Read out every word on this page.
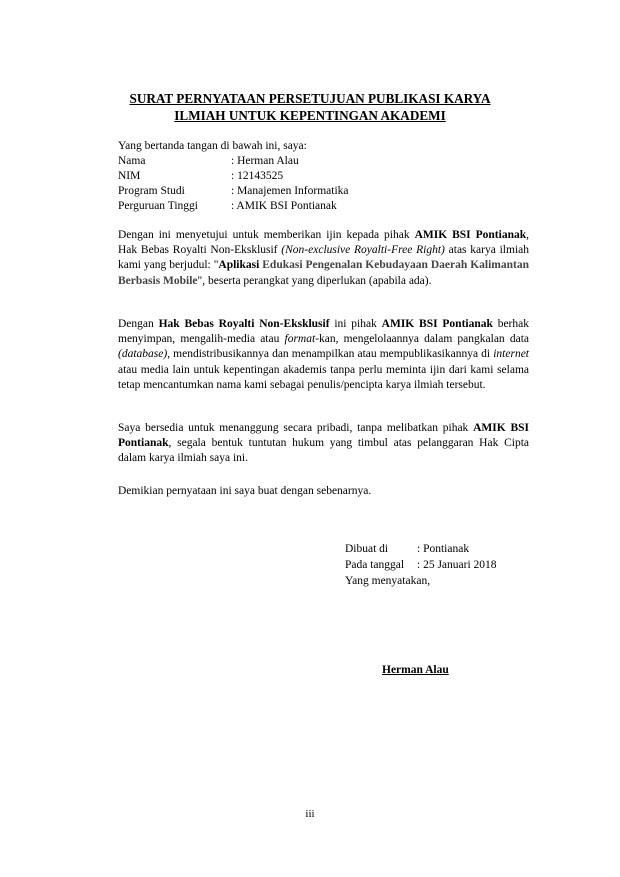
SURAT PERNYATAAN PERSETUJUAN PUBLIKASI KARYA
ILMIAH UNTUK KEPENTINGAN AKADEMI
Yang bertanda tangan di bawah ini, saya:
Nama	: Herman Alau
NIM	: 12143525
Program Studi	: Manajemen Informatika
Perguruan Tinggi	: AMIK BSI Pontianak

Dengan ini menyetujui untuk memberikan ijin kepada pihak AMIK BSI Pontianak, Hak Bebas Royalti Non-Eksklusif (Non-exclusive Royalti-Free Right) atas karya ilmiah kami yang berjudul: "Aplikasi Edukasi Pengenalan Kebudayaan Daerah Kalimantan Berbasis Mobile", beserta perangkat yang diperlukan (apabila ada).

Dengan Hak Bebas Royalti Non-Eksklusif ini pihak AMIK BSI Pontianak berhak menyimpan, mengalih-media atau format-kan, mengelolaannya dalam pangkalan data (database), mendistribusikannya dan menampilkan atau mempublikasikannya di internet atau media lain untuk kepentingan akademis tanpa perlu meminta ijin dari kami selama tetap mencantumkan nama kami sebagai penulis/pencipta karya ilmiah tersebut.

Saya bersedia untuk menanggung secara pribadi, tanpa melibatkan pihak AMIK BSI Pontianak, segala bentuk tuntutan hukum yang timbul atas pelanggaran Hak Cipta dalam karya ilmiah saya ini.

Demikian pernyataan ini saya buat dengan sebenarnya.

Dibuat di	: Pontianak
Pada tanggal	: 25 Januari 2018
Yang menyatakan,
Herman Alau
iii
